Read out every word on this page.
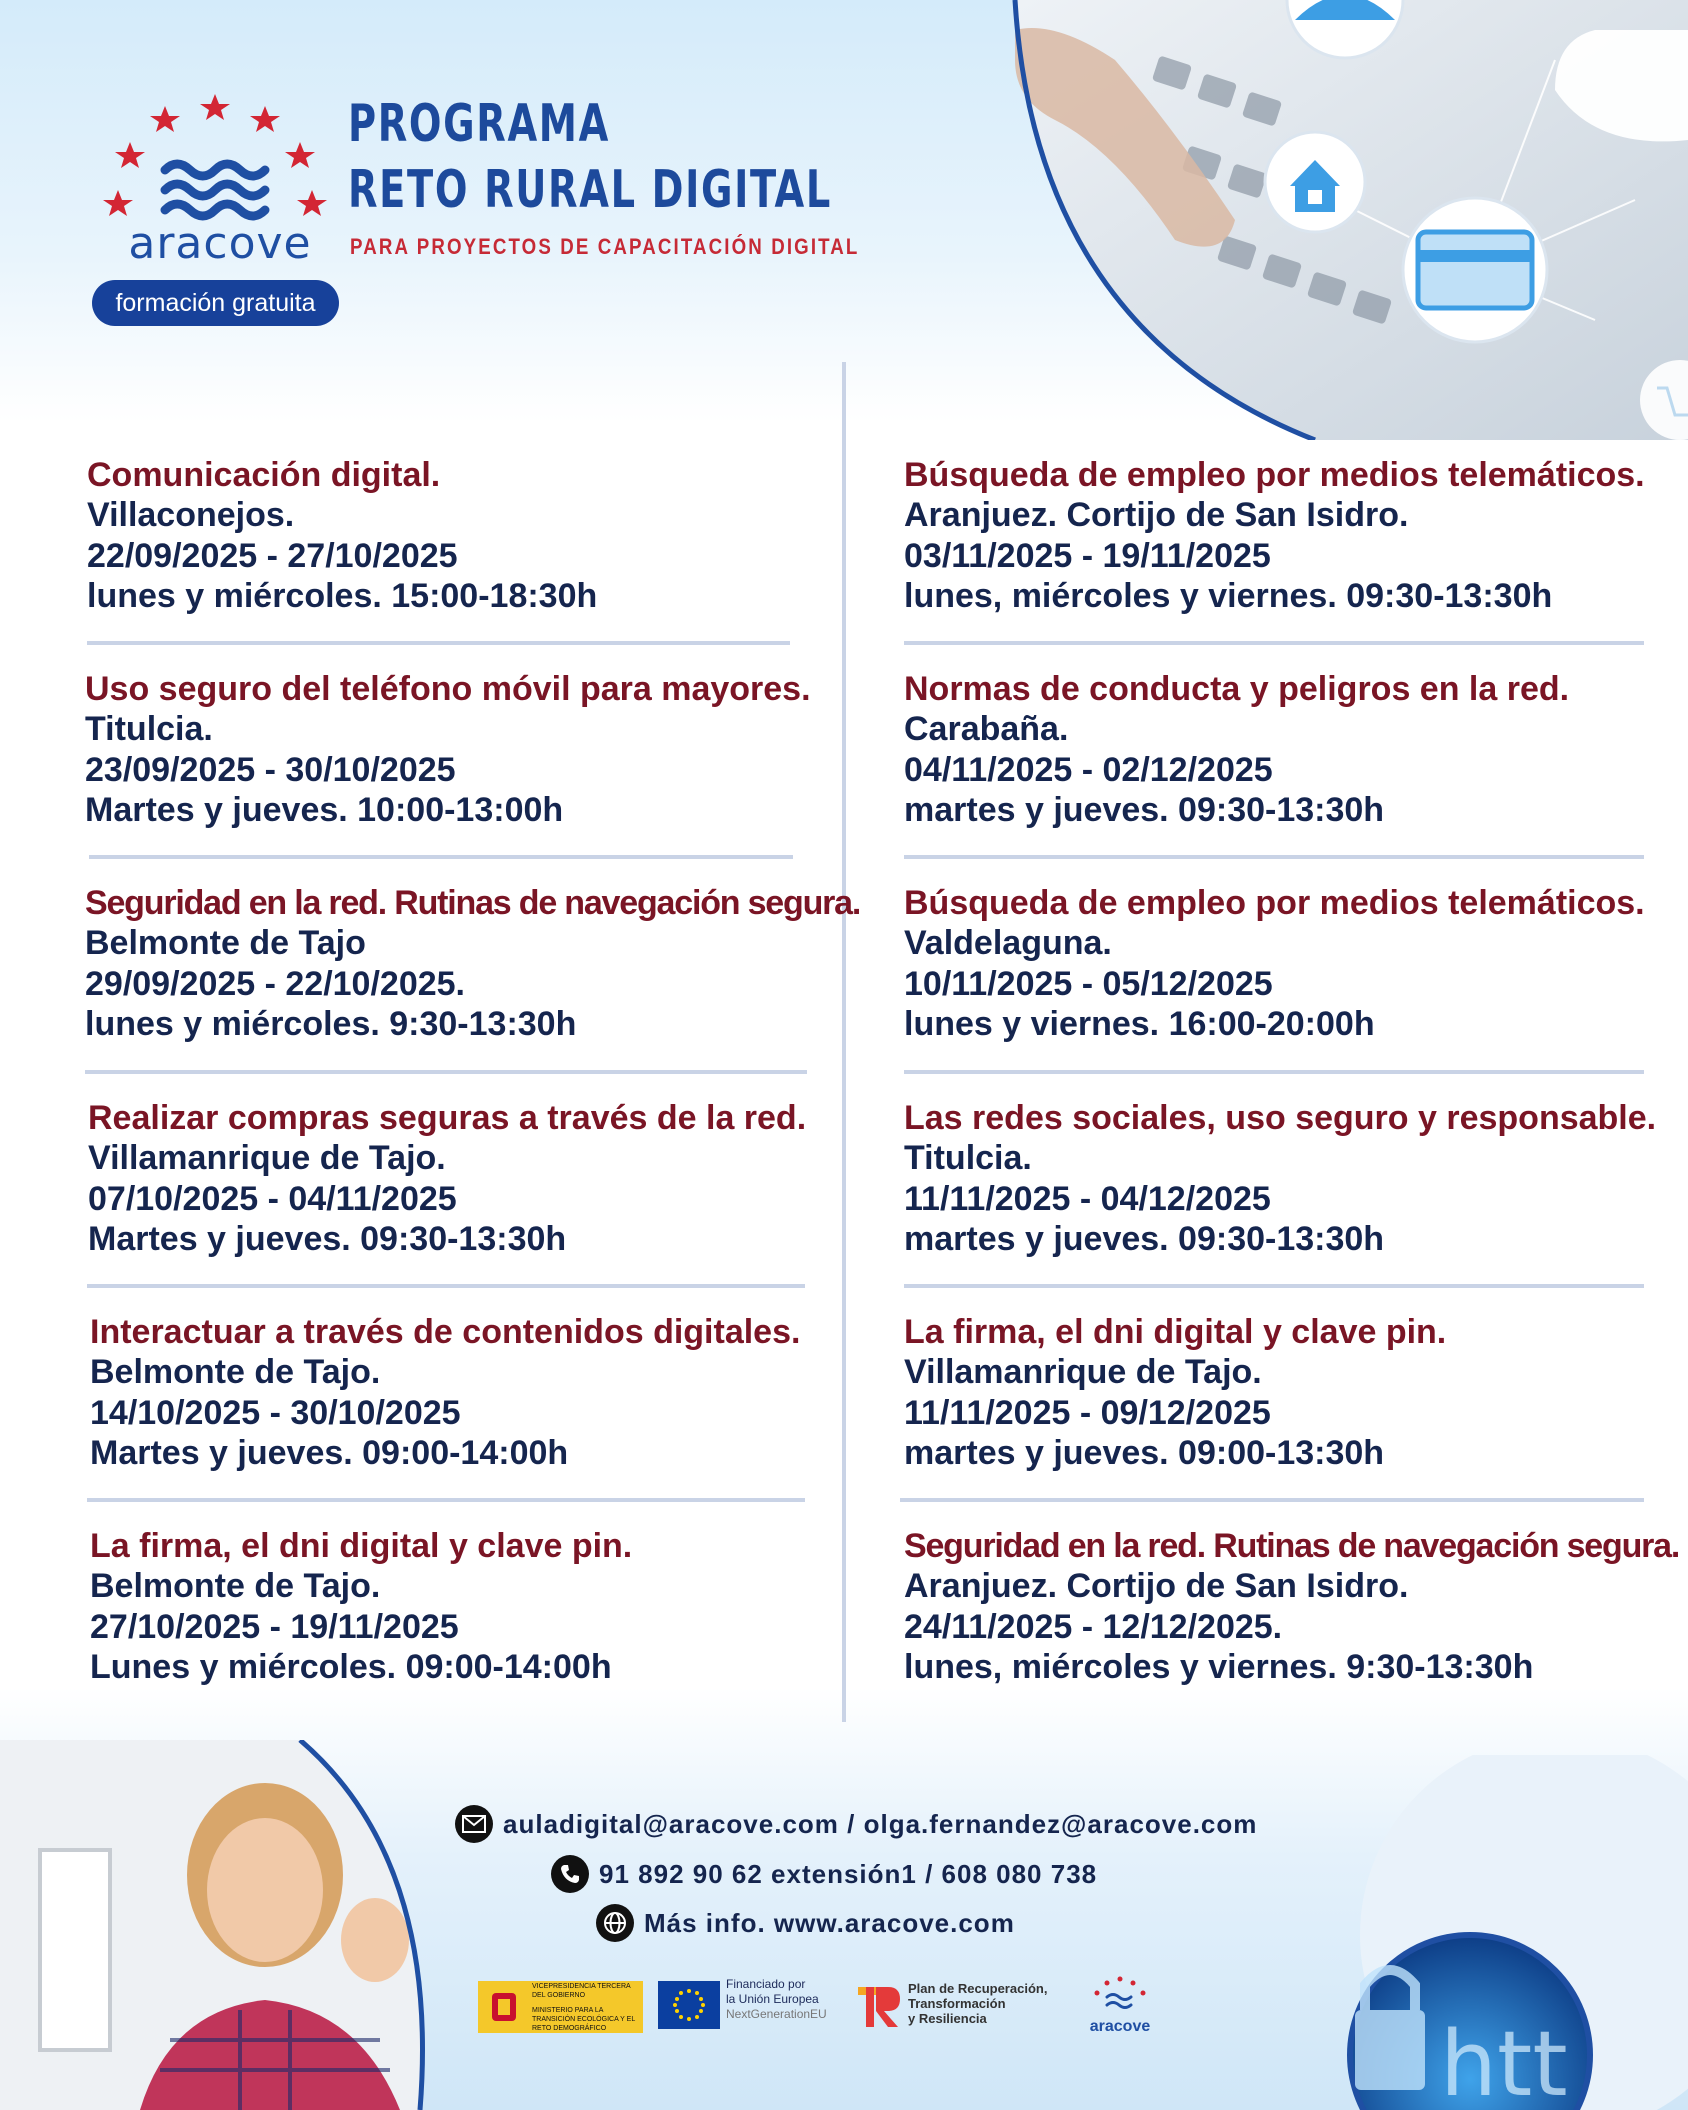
aracove
formación gratuita
PROGRAMA
RETO RURAL DIGITAL
PARA PROYECTOS DE CAPACITACIÓN DIGITAL
Comunicación digital.
Villaconejos.
22/09/2025 - 27/10/2025
lunes y miércoles. 15:00-18:30h
Uso seguro del teléfono móvil para mayores.
Titulcia.
23/09/2025 - 30/10/2025
Martes y jueves. 10:00-13:00h
Seguridad en la red. Rutinas de navegación segura.
Belmonte de Tajo
29/09/2025 - 22/10/2025.
lunes y miércoles. 9:30-13:30h
Realizar compras seguras a través de la red.
Villamanrique de Tajo.
07/10/2025 - 04/11/2025
Martes y jueves. 09:30-13:30h
Interactuar a través de contenidos digitales.
Belmonte de Tajo.
14/10/2025 - 30/10/2025
Martes y jueves. 09:00-14:00h
La firma, el dni digital y clave pin.
Belmonte de Tajo.
27/10/2025 - 19/11/2025
Lunes y miércoles. 09:00-14:00h
Búsqueda de empleo por medios telemáticos.
Aranjuez. Cortijo de San Isidro.
03/11/2025 - 19/11/2025
lunes, miércoles y viernes. 09:30-13:30h
Normas de conducta y peligros en la red.
Carabaña.
04/11/2025 - 02/12/2025
martes y jueves. 09:30-13:30h
Búsqueda de empleo por medios telemáticos.
Valdelaguna.
10/11/2025 - 05/12/2025
lunes y viernes. 16:00-20:00h
Las redes sociales, uso seguro y responsable.
Titulcia.
11/11/2025 - 04/12/2025
martes y jueves. 09:30-13:30h
La firma, el dni digital y clave pin.
Villamanrique de Tajo.
11/11/2025 - 09/12/2025
martes y jueves. 09:00-13:30h
Seguridad en la red. Rutinas de navegación segura.
Aranjuez. Cortijo de San Isidro.
24/11/2025 - 12/12/2025.
lunes, miércoles y viernes. 9:30-13:30h
htt
auladigital@aracove.com / olga.fernandez@aracove.com
91 892 90 62 extensión1 / 608 080 738
Más info. www.aracove.com
VICEPRESIDENCIA TERCERA DEL GOBIERNO
MINISTERIO PARA LA TRANSICIÓN ECOLÓGICA Y EL RETO DEMOGRÁFICO
Financiado por
la Unión Europea
NextGenerationEU
Plan de Recuperación,
Transformación
y Resiliencia	aracove
